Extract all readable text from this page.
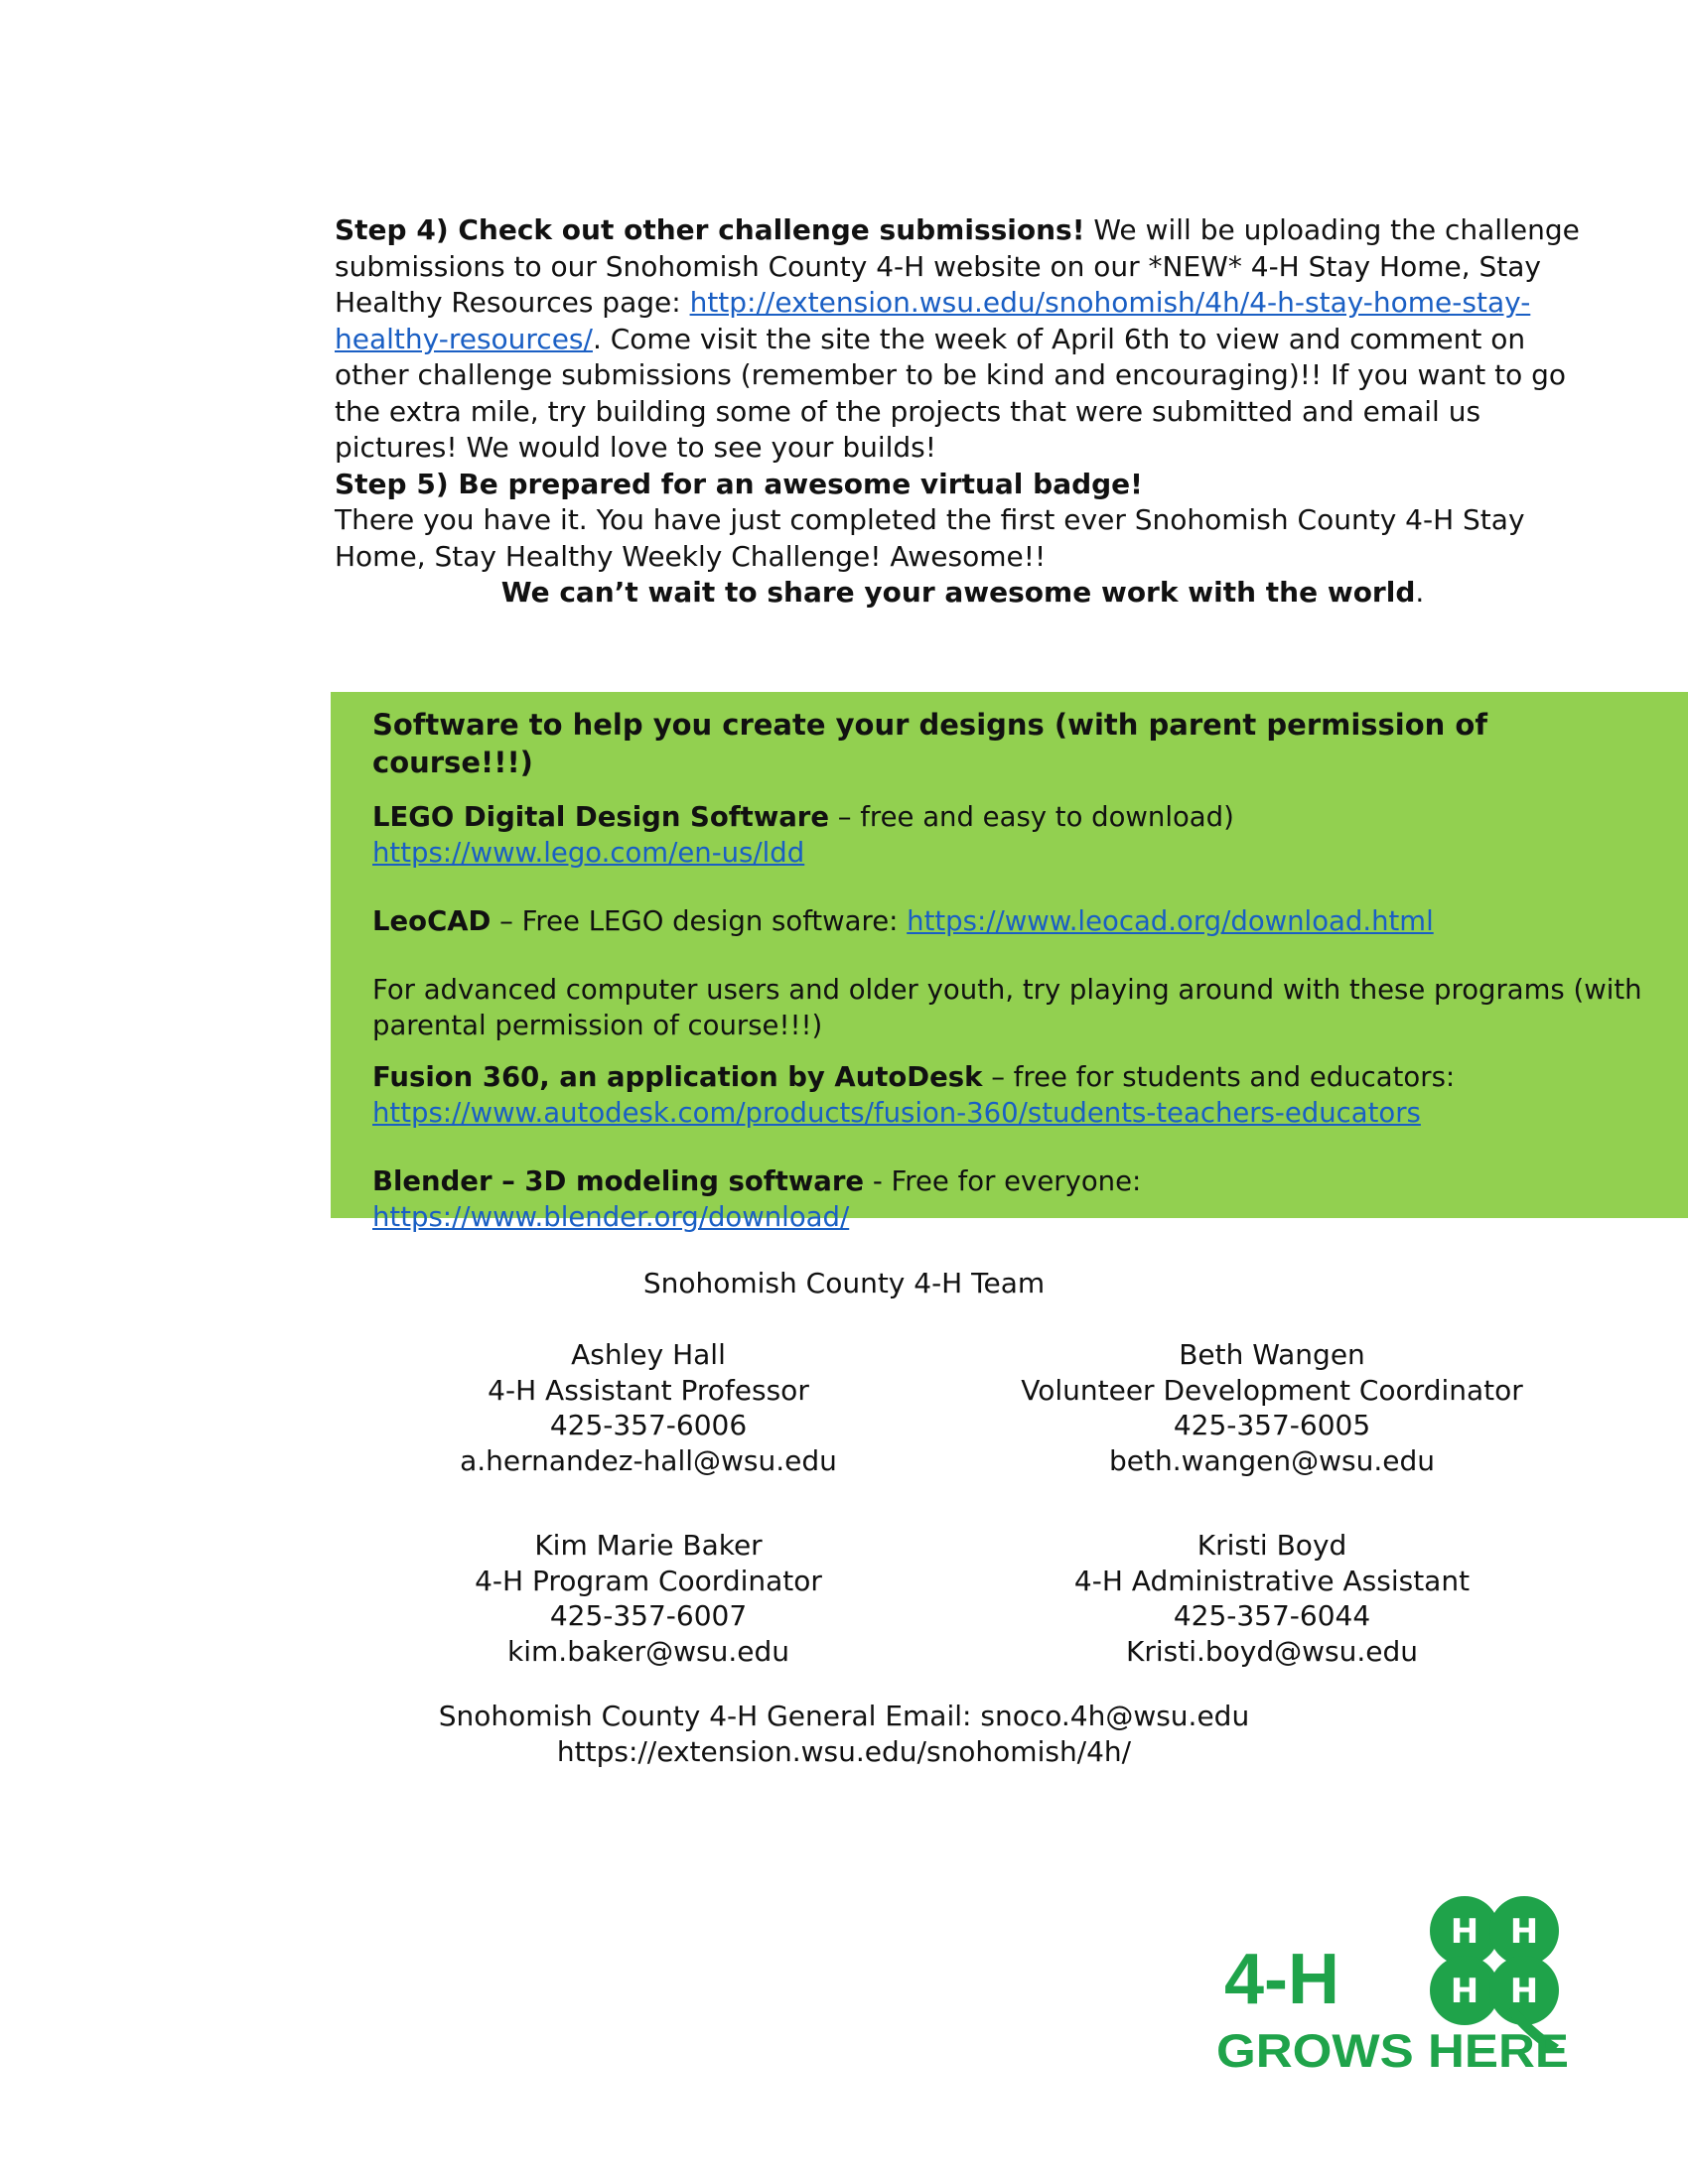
Step 4) Check out other challenge submissions! We will be uploading the challenge submissions to our Snohomish County 4-H website on our *NEW* 4-H Stay Home, Stay Healthy Resources page: http://extension.wsu.edu/snohomish/4h/4-h-stay-home-stay-healthy-resources/. Come visit the site the week of April 6th to view and comment on other challenge submissions (remember to be kind and encouraging)!! If you want to go the extra mile, try building some of the projects that were submitted and email us pictures! We would love to see your builds!

Step 5) Be prepared for an awesome virtual badge!

There you have it. You have just completed the first ever Snohomish County 4-H Stay Home, Stay Healthy Weekly Challenge! Awesome!!

We can’t wait to share your awesome work with the world.

Software to help you create your designs (with parent permission of course!!!)

LEGO Digital Design Software – free and easy to download)
https://www.lego.com/en-us/ldd

LeoCAD – Free LEGO design software: https://www.leocad.org/download.html

For advanced computer users and older youth, try playing around with these programs (with parental permission of course!!!)

Fusion 360, an application by AutoDesk – free for students and educators:
https://www.autodesk.com/products/fusion-360/students-teachers-educators

Blender – 3D modeling software - Free for everyone:
https://www.blender.org/download/

Snohomish County 4-H Team
Ashley Hall
4-H Assistant Professor
425-357-6006
a.hernandez-hall@wsu.edu
Beth Wangen
Volunteer Development Coordinator
425-357-6005
beth.wangen@wsu.edu
Kim Marie Baker
4-H Program Coordinator
425-357-6007
kim.baker@wsu.edu
Kristi Boyd
4-H Administrative Assistant
425-357-6044
Kristi.boyd@wsu.edu
Snohomish County 4-H General Email: snoco.4h@wsu.edu
https://extension.wsu.edu/snohomish/4h/
H H
H H
4-H
GROWS HERE
